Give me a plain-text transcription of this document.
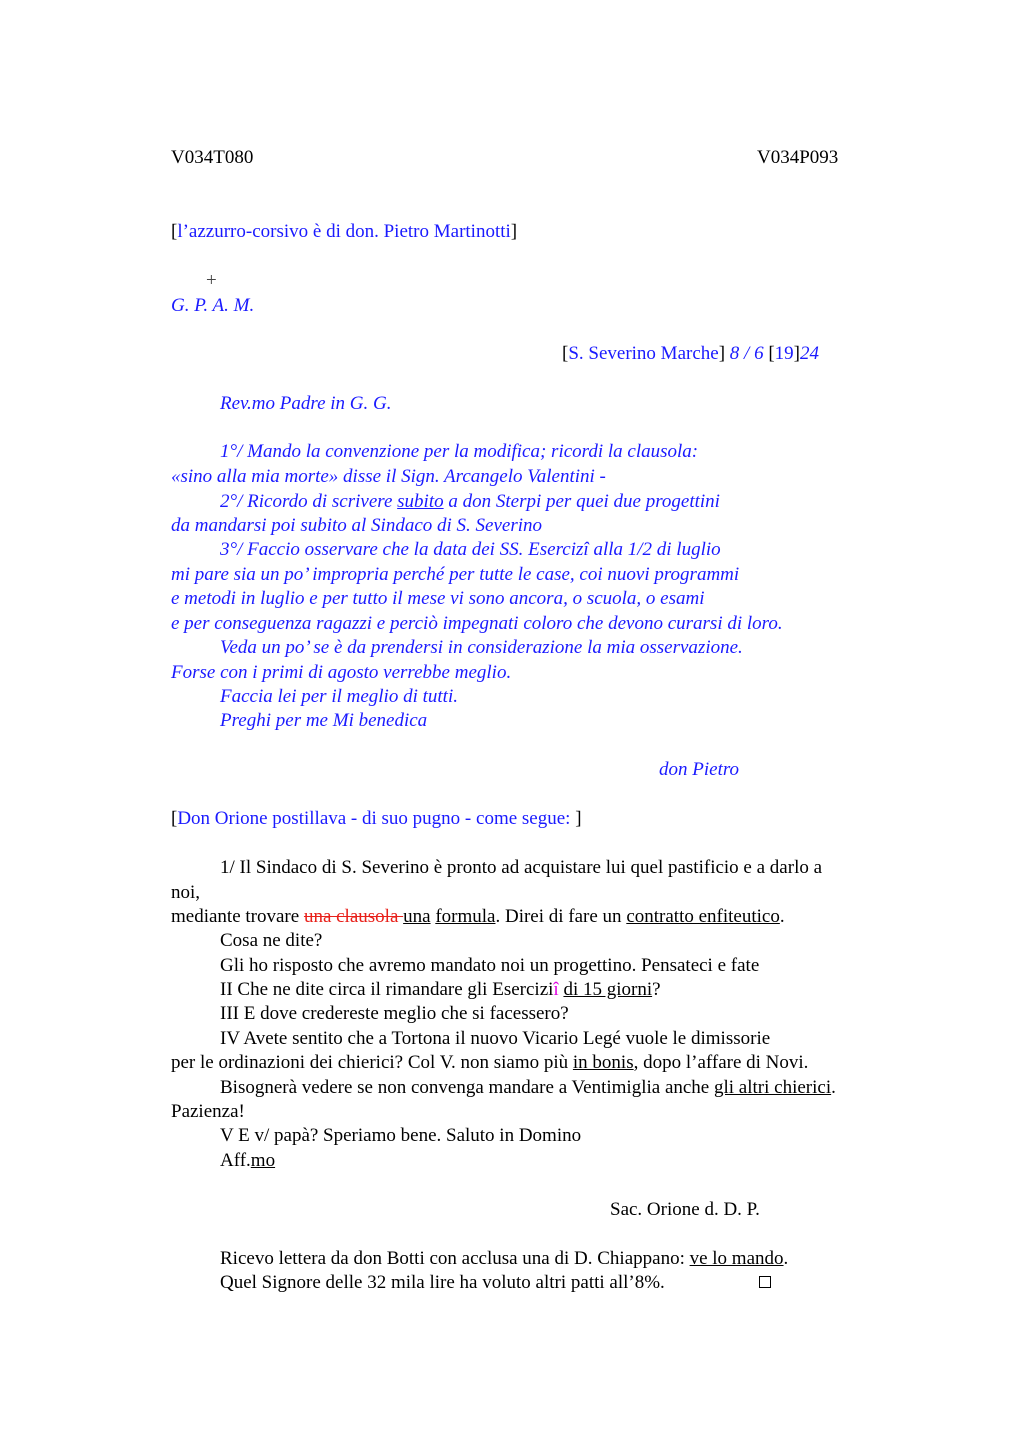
V034T080	V034P093
[l’azzurro-corsivo è di don. Pietro Martinotti]
+
G. P. A. M.
[S. Severino Marche] 8 / 6 [19]24
Rev.mo Padre in G. G.
1°/ Mando la convenzione per la modifica; ricordi la clausola:
«sino alla mia morte» disse il Sign. Arcangelo Valentini -
2°/ Ricordo di scrivere subito a don Sterpi per quei due progettini
da mandarsi poi subito al Sindaco di S. Severino
3°/ Faccio osservare che la data dei SS. Esercizî alla 1/2 di luglio
mi pare sia un po’ impropria perché per tutte le case, coi nuovi programmi
e metodi in luglio e per tutto il mese vi sono ancora, o scuola, o esami
e per conseguenza ragazzi e perciò impegnati coloro che devono curarsi di loro.
Veda un po’ se è da prendersi in considerazione la mia osservazione.
Forse con i primi di agosto verrebbe meglio.
Faccia lei per il meglio di tutti.
Preghi per me Mi benedica
don Pietro
[Don Orione postillava - di suo pugno - come segue: ]
1/ Il Sindaco di S. Severino è pronto ad acquistare lui quel pastificio e a darlo a
noi,
mediante trovare una clausola una formula. Direi di fare un contratto enfiteutico.
Cosa ne dite?
Gli ho risposto che avremo mandato noi un progettino. Pensateci e fate
II Che ne dite circa il rimandare gli Eserciziî di 15 giorni?
III E dove credereste meglio che si facessero?
IV Avete sentito che a Tortona il nuovo Vicario Legé vuole le dimissorie
per le ordinazioni dei chierici? Col V. non siamo più in bonis, dopo l’affare di Novi.
Bisognerà vedere se non convenga mandare a Ventimiglia anche gli altri chierici.
Pazienza!
V E v/ papà? Speriamo bene. Saluto in Domino
Aff.mo
Sac. Orione d. D. P.
Ricevo lettera da don Botti con acclusa una di D. Chiappano: ve lo mando.
Quel Signore delle 32 mila lire ha voluto altri patti all’8%.
